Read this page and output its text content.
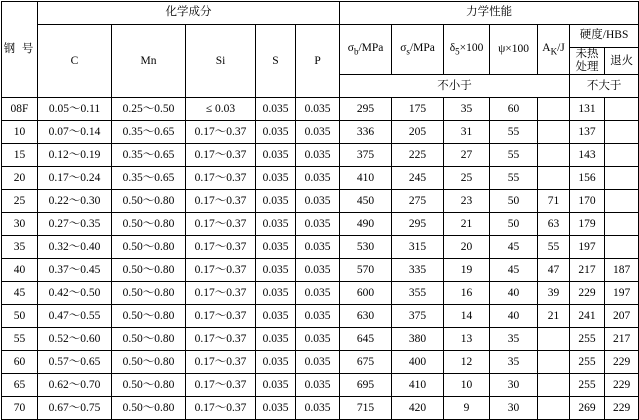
钢 号	化学成分					力学性能						
	C	Mn	Si	S	P	$\sigma_b$/MPa	$\sigma_s$/MPa	$\delta_5\times 100$	ψ×100	$A_K/J$	硬度/HBS	
											未热处理	退火
						不小于					不大于	
08F	0.05～0.11	0.25～0.50	≤ 0.03	0.035	0.035	295	175	35	60		131	
10	0.07～0.14	0.35～0.65	0.17～0.37	0.035	0.035	336	205	31	55		137	
15	0.12～0.19	0.35～0.65	0.17～0.37	0.035	0.035	375	225	27	55		143	
20	0.17～0.24	0.35～0.65	0.17～0.37	0.035	0.035	410	245	25	55		156	
25	0.22～0.30	0.50～0.80	0.17～0.37	0.035	0.035	450	275	23	50	71	170	
30	0.27～0.35	0.50～0.80	0.17～0.37	0.035	0.035	490	295	21	50	63	179	
35	0.32～0.40	0.50～0.80	0.17～0.37	0.035	0.035	530	315	20	45	55	197	
40	0.37～0.45	0.50～0.80	0.17～0.37	0.035	0.035	570	335	19	45	47	217	187
45	0.42～0.50	0.50～0.80	0.17～0.37	0.035	0.035	600	355	16	40	39	229	197
50	0.47～0.55	0.50～0.80	0.17～0.37	0.035	0.035	630	375	14	40	21	241	207
55	0.52～0.60	0.50～0.80	0.17～0.37	0.035	0.035	645	380	13	35		255	217
60	0.57～0.65	0.50～0.80	0.17～0.37	0.035	0.035	675	400	12	35		255	229
65	0.62～0.70	0.50～0.80	0.17～0.37	0.035	0.035	695	410	10	30		255	229
70	0.67～0.75	0.50～0.80	0.17～0.37	0.035	0.035	715	420	9	30		269	229
